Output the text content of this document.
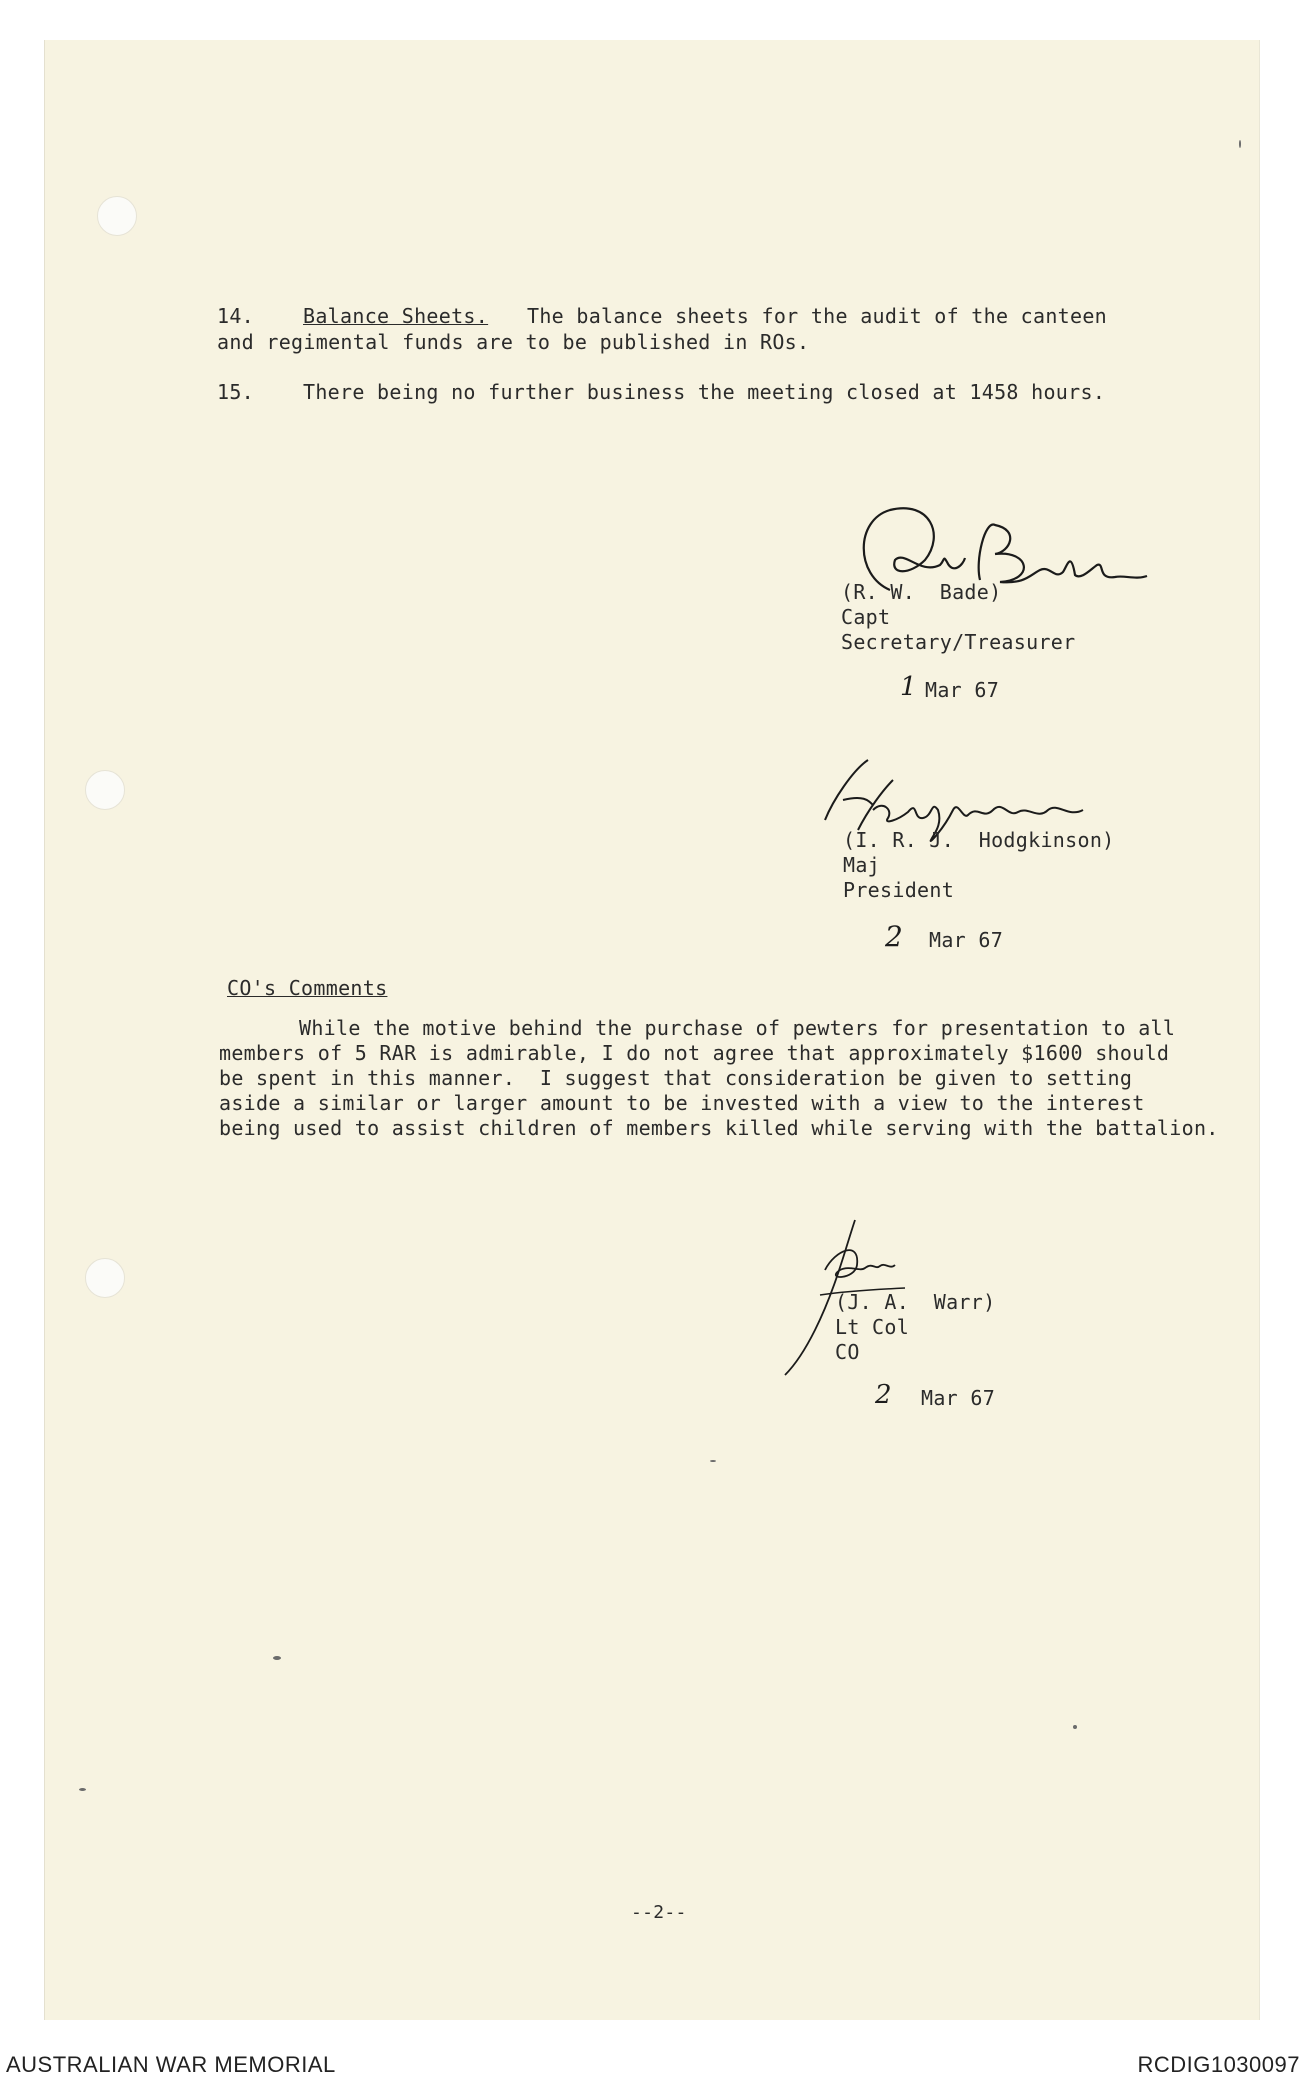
14. Balance Sheets. The balance sheets for the audit of the canteen
and regimental funds are to be published in ROs.
15. There being no further business the meeting closed at 1458 hours.
(R. W.  Bade)
Capt
Secretary/Treasurer
1 Mar 67
(I. R. J.  Hodgkinson)
Maj
President
2 Mar 67
CO's Comments
While the motive behind the purchase of pewters for presentation to all
members of 5 RAR is admirable, I do not agree that approximately $1600 should
be spent in this manner.  I suggest that consideration be given to setting
aside a similar or larger amount to be invested with a view to the interest
being used to assist children of members killed while serving with the battalion.
(J. A.  Warr)
Lt Col
CO
2 Mar 67
--2--
AUSTRALIAN WAR MEMORIAL	RCDIG1030097
